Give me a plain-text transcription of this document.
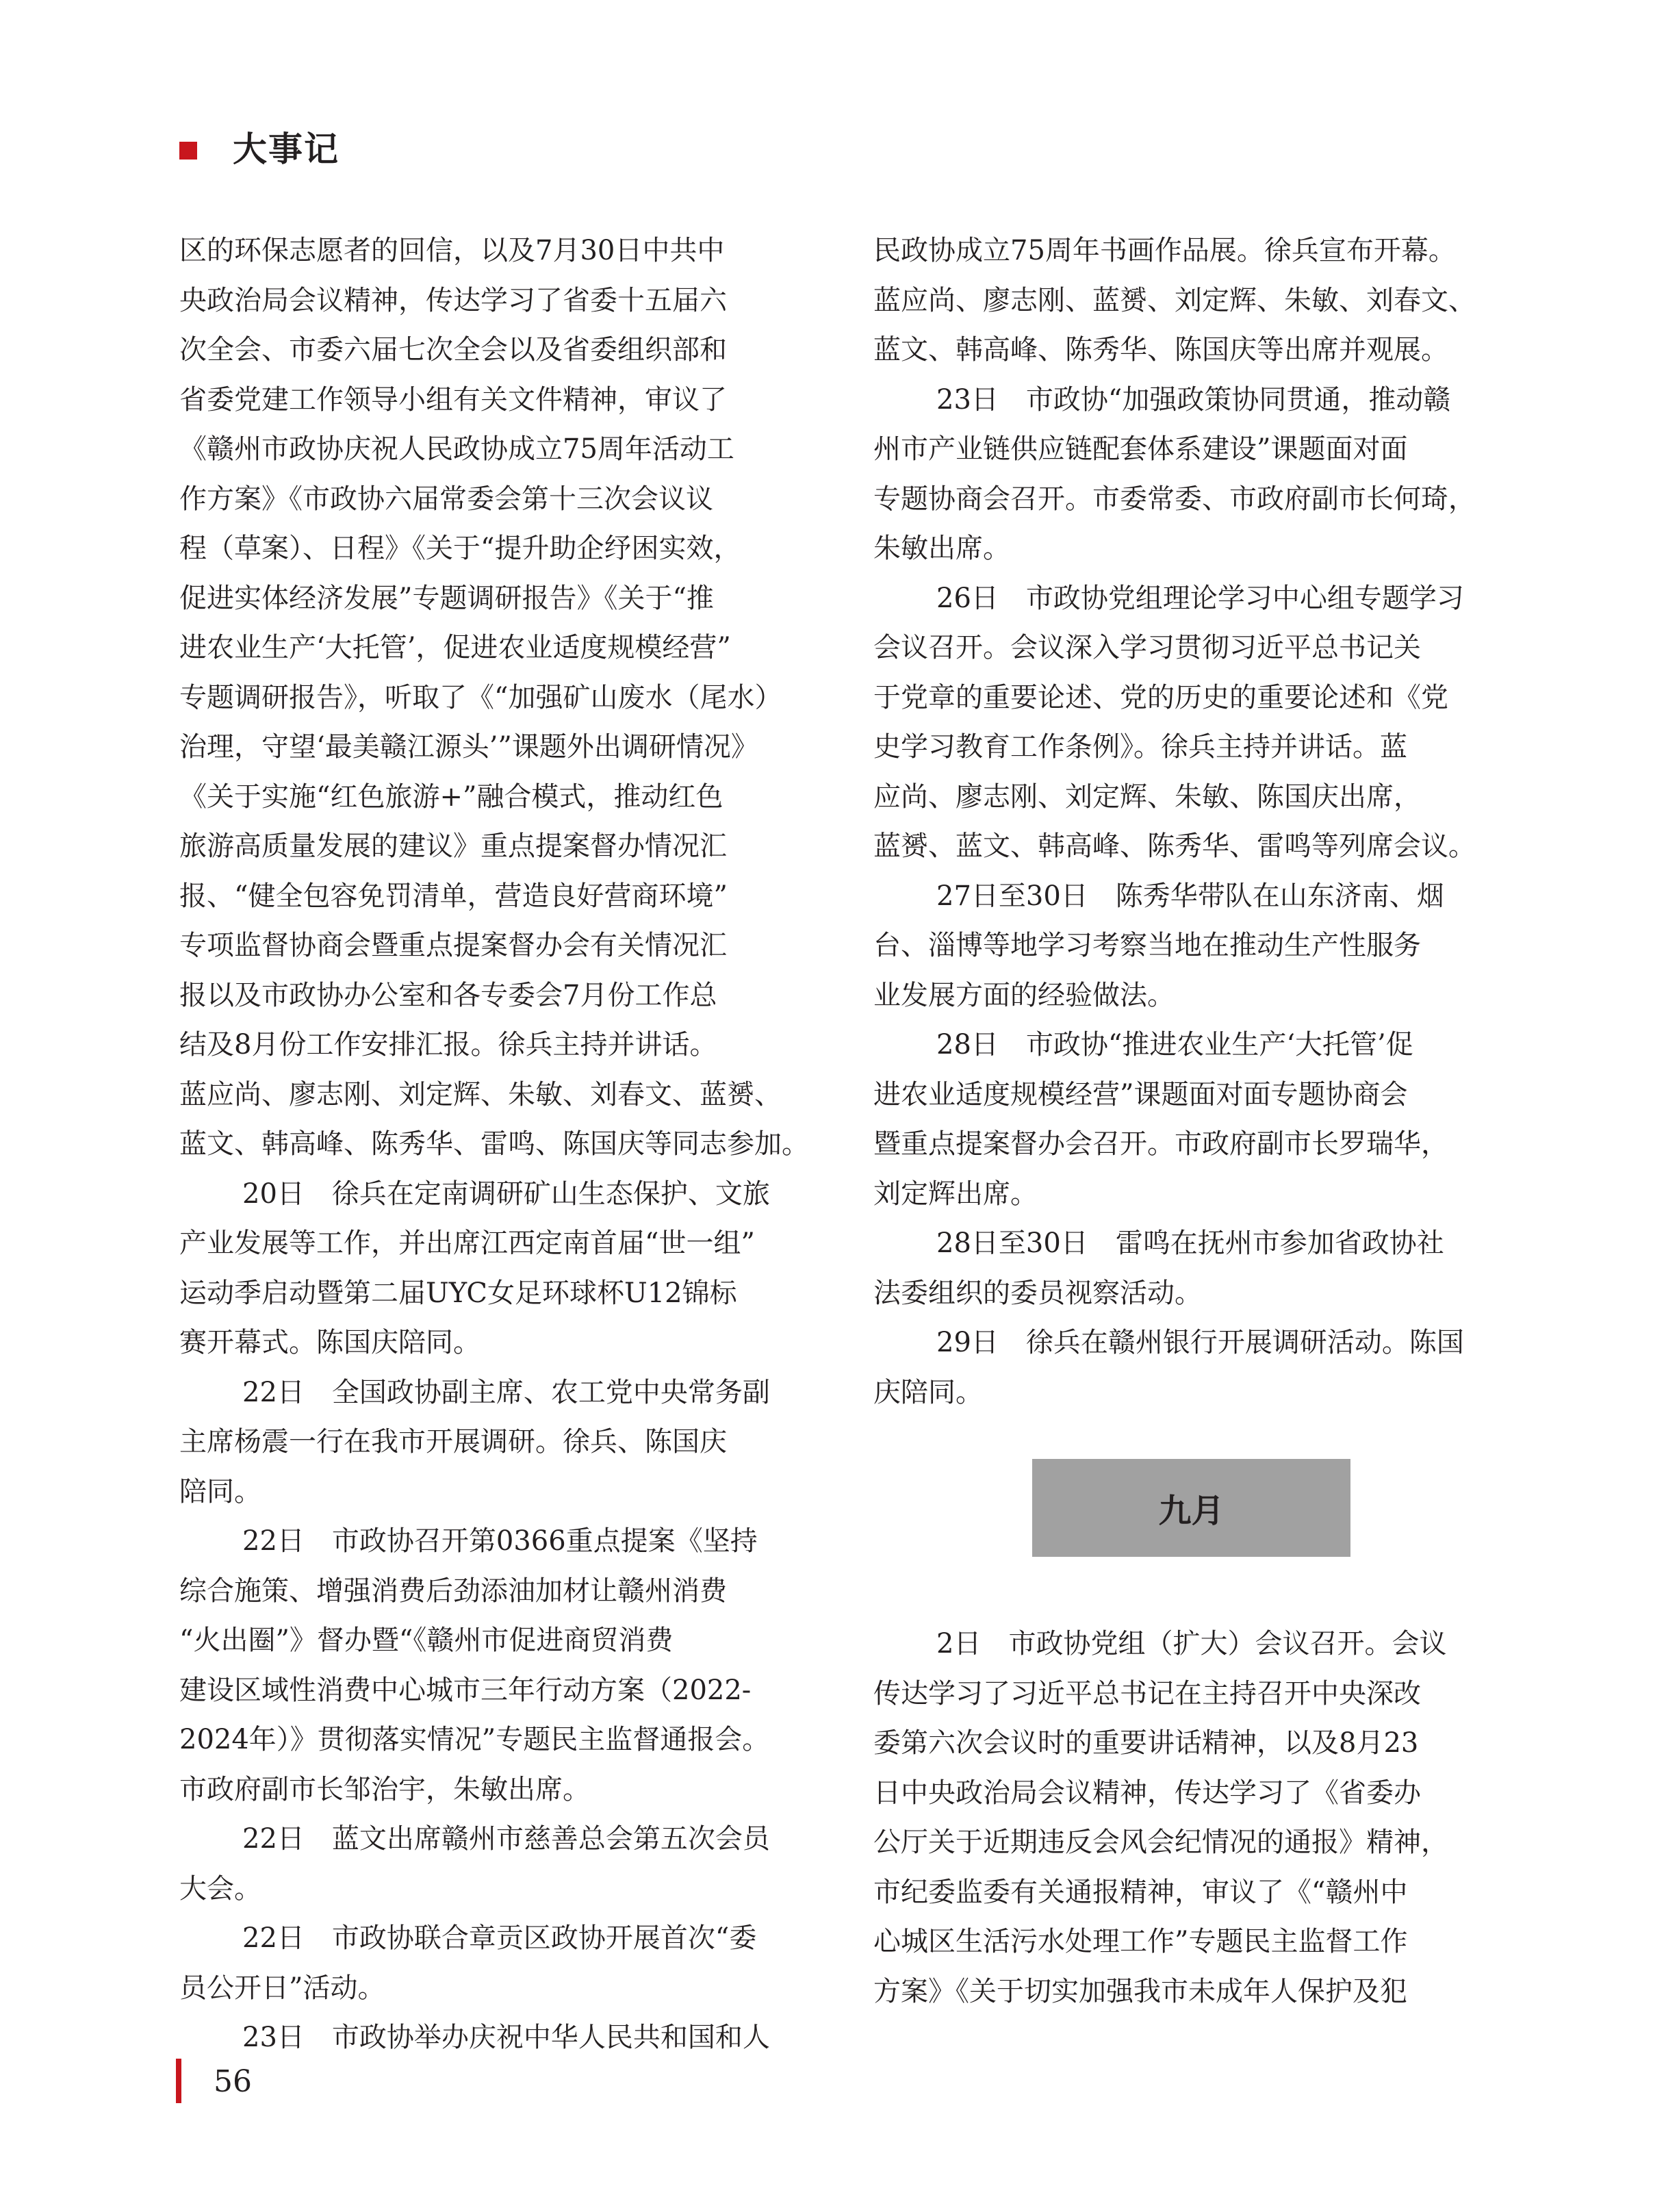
大事记

区的环保志愿者的回信，以及7月30日中共中

央政治局会议精神，传达学习了省委十五届六

次全会、市委六届七次全会以及省委组织部和

省委党建工作领导小组有关文件精神，审议了

《赣州市政协庆祝人民政协成立75周年活动工

作方案》《市政协六届常委会第十三次会议议

程（草案）、日程》《关于“提升助企纾困实效，

促进实体经济发展”专题调研报告》《关于“推

进农业生产‘大托管’，促进农业适度规模经营”

专题调研报告》，听取了《“加强矿山废水（尾水）

治理，守望‘最美赣江源头’”课题外出调研情况》

《关于实施“红色旅游+”融合模式，推动红色

旅游高质量发展的建议》重点提案督办情况汇

报、“健全包容免罚清单，营造良好营商环境”

专项监督协商会暨重点提案督办会有关情况汇

报以及市政协办公室和各专委会7月份工作总

结及8月份工作安排汇报。徐兵主持并讲话。

蓝应尚、廖志刚、刘定辉、朱敏、刘春文、蓝赟、

蓝文、韩高峰、陈秀华、雷鸣、陈国庆等同志参加。

20日　徐兵在定南调研矿山生态保护、文旅

产业发展等工作，并出席江西定南首届“世一组”

运动季启动暨第二届UYC女足环球杯U12锦标

赛开幕式。陈国庆陪同。

22日　全国政协副主席、农工党中央常务副

主席杨震一行在我市开展调研。徐兵、陈国庆

陪同。

22日　市政协召开第0366重点提案《坚持

综合施策、增强消费后劲添油加材让赣州消费

“火出圈”》督办暨“《赣州市促进商贸消费

建设区域性消费中心城市三年行动方案（2022-

2024年）》贯彻落实情况”专题民主监督通报会。

市政府副市长邹治宇，朱敏出席。

22日　蓝文出席赣州市慈善总会第五次会员

大会。

22日　市政协联合章贡区政协开展首次“委

员公开日”活动。

23日　市政协举办庆祝中华人民共和国和人

民政协成立75周年书画作品展。徐兵宣布开幕。

蓝应尚、廖志刚、蓝赟、刘定辉、朱敏、刘春文、

蓝文、韩高峰、陈秀华、陈国庆等出席并观展。

23日　市政协“加强政策协同贯通，推动赣

州市产业链供应链配套体系建设”课题面对面

专题协商会召开。市委常委、市政府副市长何琦，

朱敏出席。

26日　市政协党组理论学习中心组专题学习

会议召开。会议深入学习贯彻习近平总书记关

于党章的重要论述、党的历史的重要论述和《党

史学习教育工作条例》。徐兵主持并讲话。蓝

应尚、廖志刚、刘定辉、朱敏、陈国庆出席，

蓝赟、蓝文、韩高峰、陈秀华、雷鸣等列席会议。

27日至30日　陈秀华带队在山东济南、烟

台、淄博等地学习考察当地在推动生产性服务

业发展方面的经验做法。

28日　市政协“推进农业生产‘大托管’促

进农业适度规模经营”课题面对面专题协商会

暨重点提案督办会召开。市政府副市长罗瑞华，

刘定辉出席。

28日至30日　雷鸣在抚州市参加省政协社

法委组织的委员视察活动。

29日　徐兵在赣州银行开展调研活动。陈国

庆陪同。

九月

2日　市政协党组（扩大）会议召开。会议

传达学习了习近平总书记在主持召开中央深改

委第六次会议时的重要讲话精神，以及8月23

日中央政治局会议精神，传达学习了《省委办

公厅关于近期违反会风会纪情况的通报》精神，

市纪委监委有关通报精神，审议了《“赣州中

心城区生活污水处理工作”专题民主监督工作

方案》《关于切实加强我市未成年人保护及犯

56
